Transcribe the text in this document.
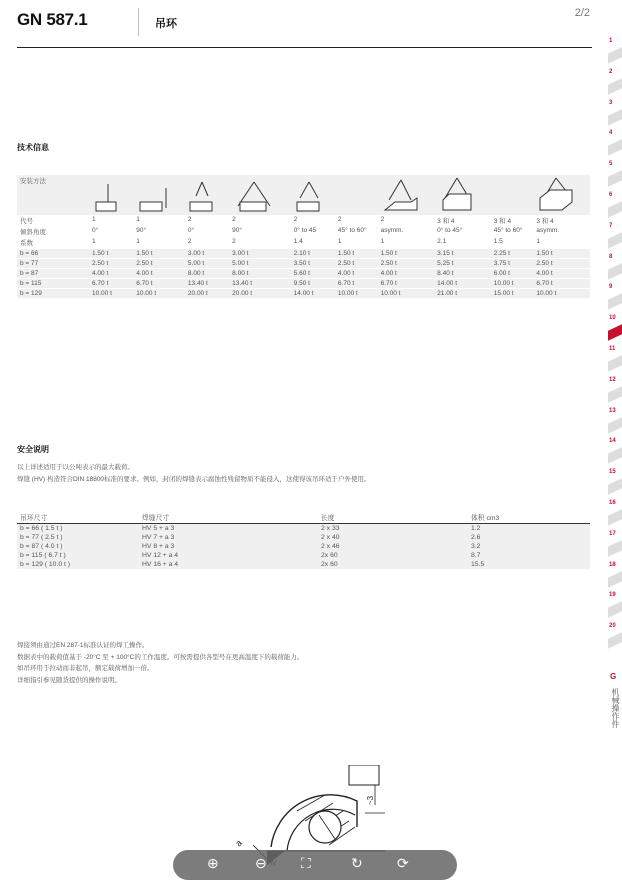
GN 587.1	吊环
2/2
技术信息
安装方法										
代号	1	1	2	2	2	2	2	3 和 4	3 和 4	3 和 4
倾斜角度	0°	90°	0°	90°	0° to 45	45° to 60°	asymm.	0° to 45°	45° to 60°	asymm.
系数	1	1	2	2	1.4	1	1	2.1	1.5	1
b = 66	1.50 t	1.50 t	3.00 t	3.00 t	2.10 t	1.50 t	1.50 t	3.15 t	2.25 t	1.50 t
b = 77	2.50 t	2.50 t	5.00 t	5.00 t	3.50 t	2.50 t	2.50 t	5.25 t	3.75 t	2.50 t
b = 87	4.00 t	4.00 t	8.00 t	8.00 t	5.60 t	4.00 t	4.00 t	8.40 t	6.00 t	4.00 t
b = 115	6.70 t	6.70 t	13.40 t	13.40 t	9.50 t	6.70 t	6.70 t	14.00 t	10.00 t	6.70 t
b = 129	10.00 t	10.00 t	20.00 t	20.00 t	14.00 t	10.00 t	10.00 t	21.00 t	15.00 t	10.00 t
安全说明
以上详述适用于以公吨表示的最大载荷。
焊缝 (HV) 构造符合DIN 18800标准的要求。例如，封闭的焊缝表示腐蚀性残留物质不能侵入，这使得该吊环适于户外使用。
吊环尺寸	焊缝尺寸	长度	体积 cm3
b = 66 ( 1.5 t )	HV 5 + a 3	2 x 33	1.2
b = 77 ( 2.5 t )	HV 7 + a 3	2 x 40	2.6
b = 87 ( 4.0 t )	HV 8 + a 3	2 x 46	3.2
b = 115 ( 6.7 t )	HV 12 + a 4	2x 60	8.7
b = 129 ( 10.0 t )	HV 16 + a 4	2x 60	15.5
焊接须由通过EN 287-1标准认证的焊工操作。
数据表中的载荷值基于 -20°C 至 + 100°C的工作温度。可按需提供各型号在更高温度下的载荷能力。
如吊环用于拉动而非起吊，额定载荷增加一倍。
详细指引参见随货提供的操作说明。
a
~3
1
2
3
4
5
6
7
8
9
10
11
12
13
14
15
16
17
18
19
20
机械操作件
G
⊕	⊖ ⛶	↻ ⟳
